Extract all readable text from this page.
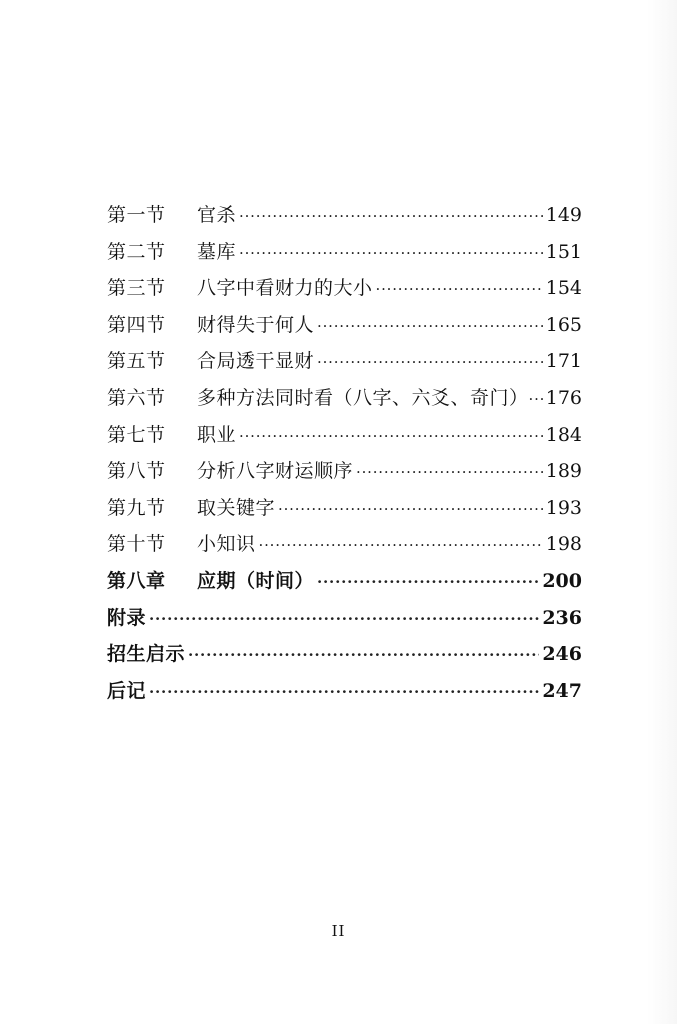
第一节	官杀 ·····	149
第二节	墓库 ·····	151
第三节	八字中看财力的大小 ·····	154
第四节	财得失于何人 ·····	165
第五节	合局透干显财 ·····	171
第六节	多种方法同时看（八字、六爻、奇门） ····· 176
第七节	职业 ·····	184
第八节	分析八字财运顺序 ·····	189
第九节	取关键字 ·····	193
第十节	小知识 ·····	198
第八章	应期（时间） ·····	200
附录 ·····	236
招生启示 ·····	246
后记 ·····	247
II
